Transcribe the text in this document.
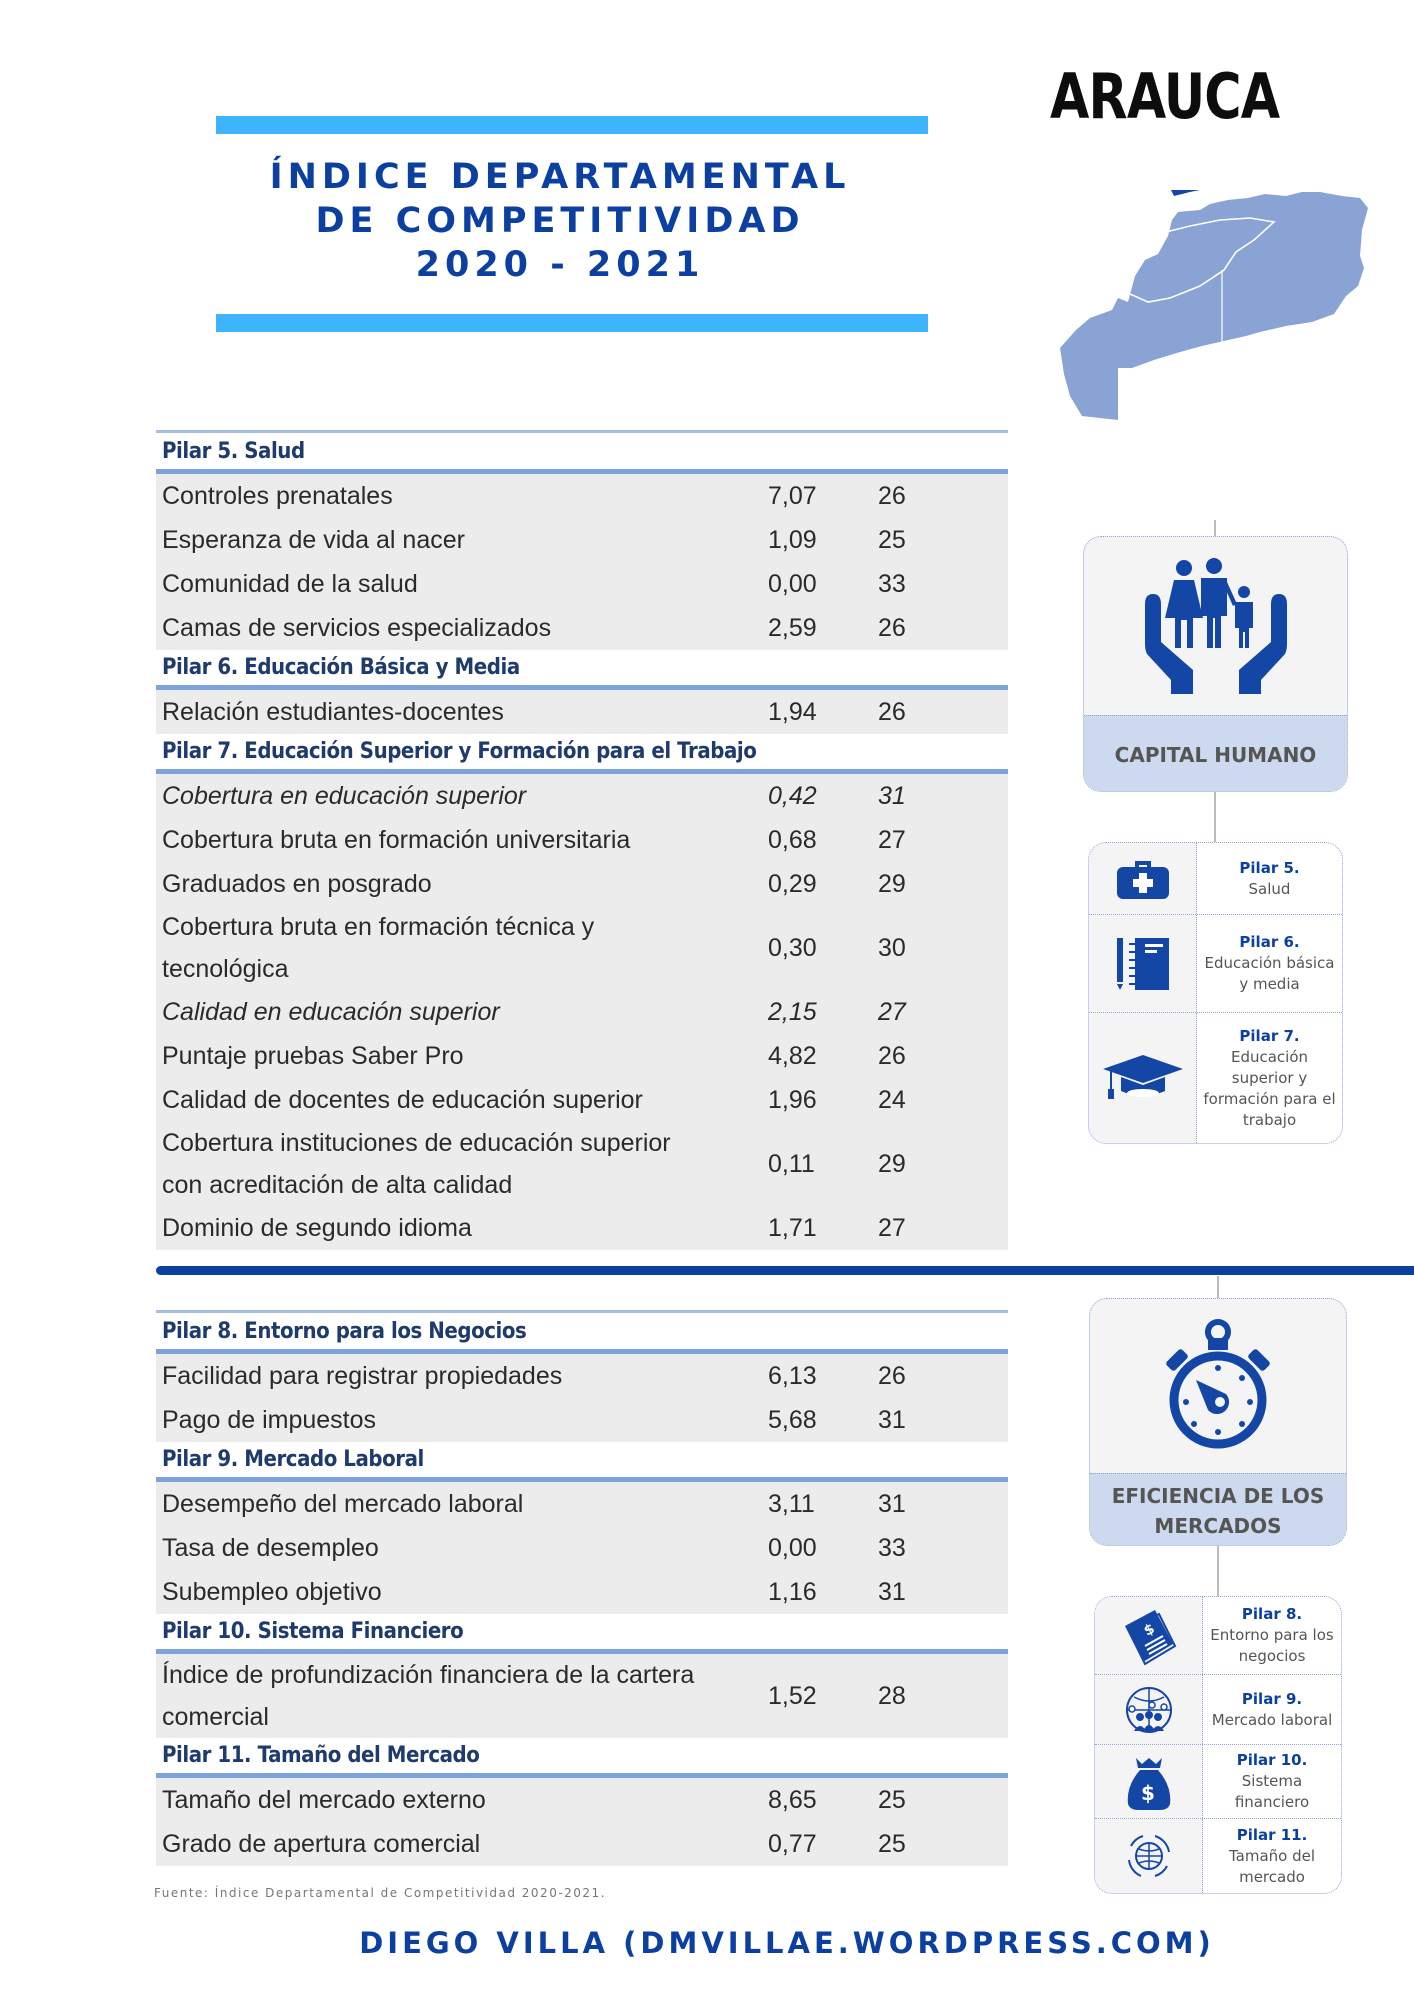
ÍNDICE DEPARTAMENTAL
DE COMPETITIVIDAD
2020 - 2021
ARAUCA
Pilar 5. Salud
Controles prenatales	7,07	26
Esperanza de vida al nacer	1,09	25
Comunidad de la salud	0,00	33
Camas de servicios especializados	2,59	26
Pilar 6. Educación Básica y Media
Relación estudiantes-docentes	1,94	26
Pilar 7. Educación Superior y Formación para el Trabajo
Cobertura en educación superior	0,42	31
Cobertura bruta en formación universitaria	0,68	27
Graduados en posgrado	0,29	29
Cobertura bruta en formación técnica y tecnológica
0,30	30
Calidad en educación superior	2,15	27
Puntaje pruebas Saber Pro	4,82	26
Calidad de docentes de educación superior	1,96	24
Cobertura instituciones de educación superior con acreditación de alta calidad
0,11	29
Dominio de segundo idioma	1,71	27
Pilar 8. Entorno para los Negocios
Facilidad para registrar propiedades	6,13	26
Pago de impuestos	5,68	31
Pilar 9. Mercado Laboral
Desempeño del mercado laboral	3,11	31
Tasa de desempleo	0,00	33
Subempleo objetivo	1,16	31
Pilar 10. Sistema Financiero
Índice de profundización financiera de la cartera comercial
1,52	28
Pilar 11. Tamaño del Mercado
Tamaño del mercado externo	8,65	25
Grado de apertura comercial	0,77	25
Fuente: Índice Departamental de Competitividad 2020-2021.
DIEGO VILLA (DMVILLAE.WORDPRESS.COM)
CAPITAL HUMANO
Pilar 5.
Salud
Pilar 6.
Educación básica y media
Pilar 7.
Educación superior y formación para el trabajo
EFICIENCIA DE LOS MERCADOS
$
Pilar 8.
Entorno para los negocios
Pilar 9.
Mercado laboral
$
Pilar 10.
Sistema financiero
Pilar 11.
Tamaño del mercado
